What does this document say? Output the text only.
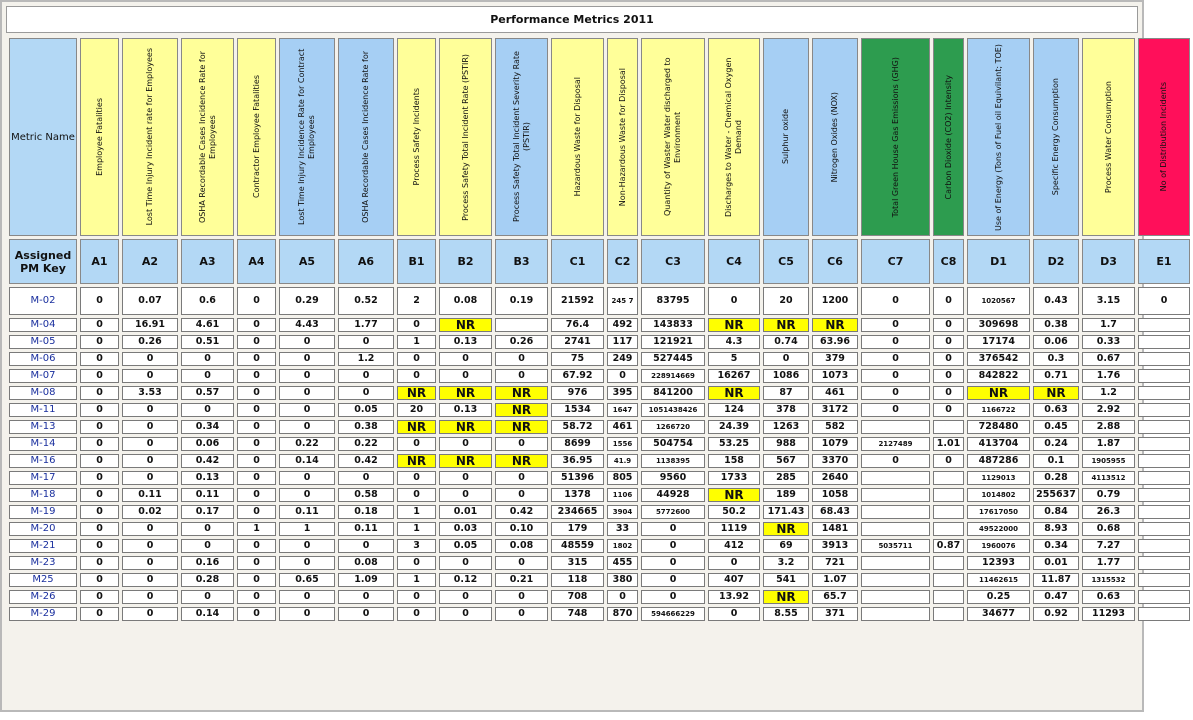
Performance Metrics 2011
Metric Name	Employee Fatalities	Lost Time Injury Incident rate for Employees	OSHA Recordable Cases Incidence Rate for Employees	Contractor Employee Fatalities	Lost Time Injury Incidence Rate for Contract Employees	OSHA Recordable Cases Incidence Rate for	Process Safety Incidents	Process Safety Total Incident Rate (PSTIR)	Process Safety Total Incident Severity Rate (PSTIR)	Hazardous Waste for Disposal	Non-Hazardous Waste for Disposal	Quantity of Waster Water discharged to Environment	Discharges to Water - Chemical Oxygen Demand	Sulphur oxide	Nitrogen Oxides (NOX)	Total Green House Gas Emissions (GHG)	Carbon Dioxide (CO2) Intensity	Use of Energy (Tons of Fuel oil Equivilant; TOE)	Specific Energy Consumption	Process Water Consumption	No of Distribution Incidents

Assigned PM Key	A1	A2	A3	A4	A5	A6	B1	B2	B3	C1	C2	C3	C4	C5	C6	C7	C8	D1	D2	D3	E1
M-02	0	0.07	0.6	0	0.29	0.52	2	0.08	0.19	21592	245 7	83795	0	20	1200	0	0	1020567	0.43	3.15	0
M-04	0	16.91	4.61	0	4.43	1.77	0	NR		76.4	492	143833	NR	NR	NR	0	0	309698	0.38	1.7	
M-05	0	0.26	0.51	0	0	0	1	0.13	0.26	2741	117	121921	4.3	0.74	63.96	0	0	17174	0.06	0.33	
M-06	0	0	0	0	0	1.2	0	0	0	75	249	527445	5	0	379	0	0	376542	0.3	0.67	
M-07	0	0	0	0	0	0	0	0	0	67.92	0	228914669	16267	1086	1073	0	0	842822	0.71	1.76	
M-08	0	3.53	0.57	0	0	0	NR	NR	NR	976	395	841200	NR	87	461	0	0	NR	NR	1.2	
M-11	0	0	0	0	0	0.05	20	0.13	NR	1534	1647	1051438426	124	378	3172	0	0	1166722	0.63	2.92	
M-13	0	0	0.34	0	0	0.38	NR	NR	NR	58.72	461	1266720	24.39	1263	582			728480	0.45	2.88	
M-14	0	0	0.06	0	0.22	0.22	0	0	0	8699	1556	504754	53.25	988	1079	2127489	1.01	413704	0.24	1.87	
M-16	0	0	0.42	0	0.14	0.42	NR	NR	NR	36.95	41.9	1138395	158	567	3370	0	0	487286	0.1	1905955	
M-17	0	0	0.13	0	0	0	0	0	0	51396	805	9560	1733	285	2640			1129013	0.28	4113512	
M-18	0	0.11	0.11	0	0	0.58	0	0	0	1378	1106	44928	NR	189	1058			1014802	255637	0.79	
M-19	0	0.02	0.17	0	0.11	0.18	1	0.01	0.42	234665	3904	5772600	50.2	171.43	68.43			17617050	0.84	26.3	
M-20	0	0	0	1	1	0.11	1	0.03	0.10	179	33	0	1119	NR	1481			49522000	8.93	0.68	
M-21	0	0	0	0	0	0	3	0.05	0.08	48559	1802	0	412	69	3913	5035711	0.87	1960076	0.34	7.27	
M-23	0	0	0.16	0	0	0.08	0	0	0	315	455	0	0	3.2	721			12393	0.01	1.77	
M25	0	0	0.28	0	0.65	1.09	1	0.12	0.21	118	380	0	407	541	1.07			11462615	11.87	1315532	
M-26	0	0	0	0	0	0	0	0	0	708	0	0	13.92	NR	65.7			0.25	0.47	0.63	
M-29	0	0	0.14	0	0	0	0	0	0	748	870	594666229	0	8.55	371			34677	0.92	11293	
